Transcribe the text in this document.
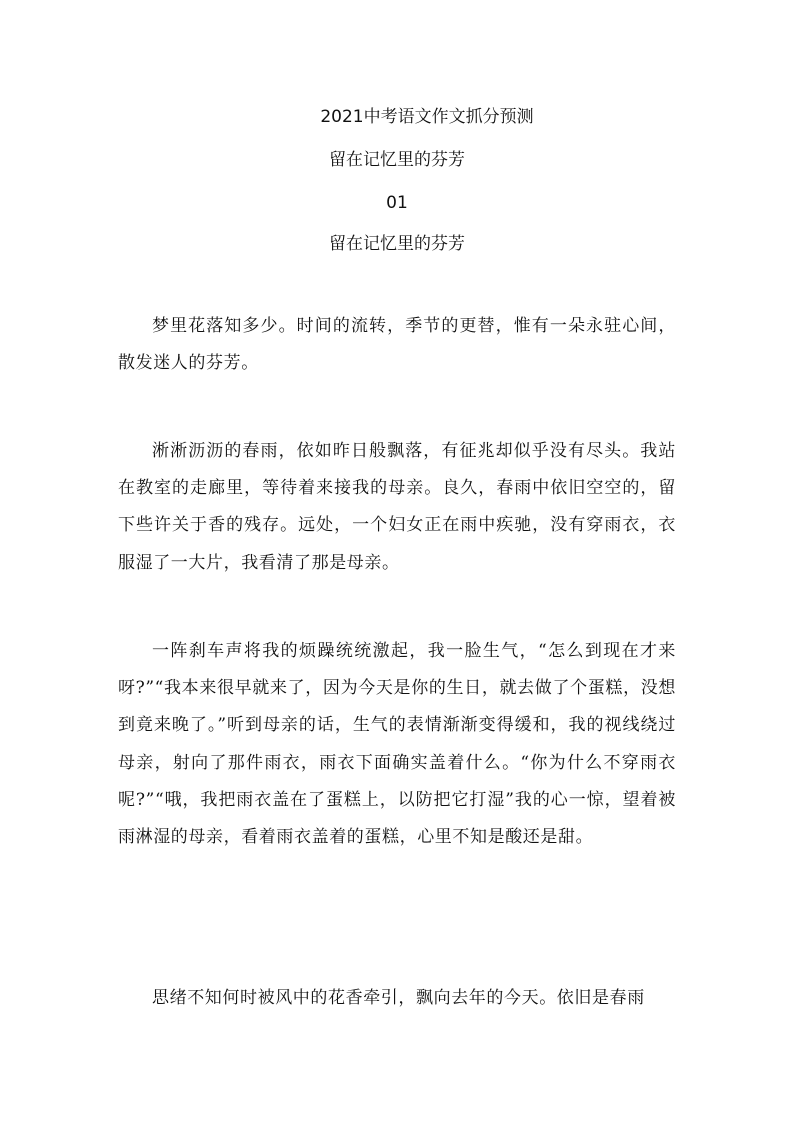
2021中考语文作文抓分预测
留在记忆里的芬芳
01
留在记忆里的芬芳

梦里花落知多少。时间的流转，季节的更替，惟有一朵永驻心间，散发迷人的芬芳。

淅淅沥沥的春雨，依如昨日般飘落，有征兆却似乎没有尽头。我站在教室的走廊里，等待着来接我的母亲。良久，春雨中依旧空空的，留下些许关于香的残存。远处，一个妇女正在雨中疾驰，没有穿雨衣，衣服湿了一大片，我看清了那是母亲。

一阵刹车声将我的烦躁统统激起，我一脸生气，“怎么到现在才来呀?”“我本来很早就来了，因为今天是你的生日，就去做了个蛋糕，没想到竟来晚了。”听到母亲的话，生气的表情渐渐变得缓和，我的视线绕过母亲，射向了那件雨衣，雨衣下面确实盖着什么。“你为什么不穿雨衣呢?”“哦，我把雨衣盖在了蛋糕上，以防把它打湿”我的心一惊，望着被雨淋湿的母亲，看着雨衣盖着的蛋糕，心里不知是酸还是甜。

思绪不知何时被风中的花香牵引，飘向去年的今天。依旧是春雨
